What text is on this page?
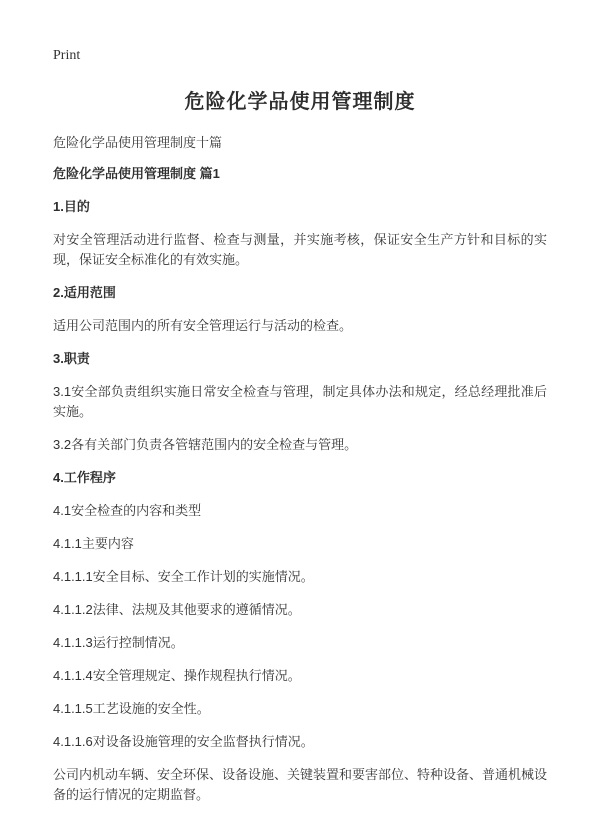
Print
危险化学品使用管理制度
危险化学品使用管理制度十篇

危险化学品使用管理制度 篇1

1.目的

对安全管理活动进行监督、检查与测量，并实施考核，保证安全生产方针和目标的实现，保证安全标准化的有效实施。

2.适用范围

适用公司范围内的所有安全管理运行与活动的检查。

3.职责

3.1安全部负责组织实施日常安全检查与管理，制定具体办法和规定，经总经理批准后实施。

3.2各有关部门负责各管辖范围内的安全检查与管理。

4.工作程序

4.1安全检查的内容和类型

4.1.1主要内容

4.1.1.1安全目标、安全工作计划的实施情况。

4.1.1.2法律、法规及其他要求的遵循情况。

4.1.1.3运行控制情况。

4.1.1.4安全管理规定、操作规程执行情况。

4.1.1.5工艺设施的安全性。

4.1.1.6对设备设施管理的安全监督执行情况。

公司内机动车辆、安全环保、设备设施、关键装置和要害部位、特种设备、普通机械设备的运行情况的定期监督。
